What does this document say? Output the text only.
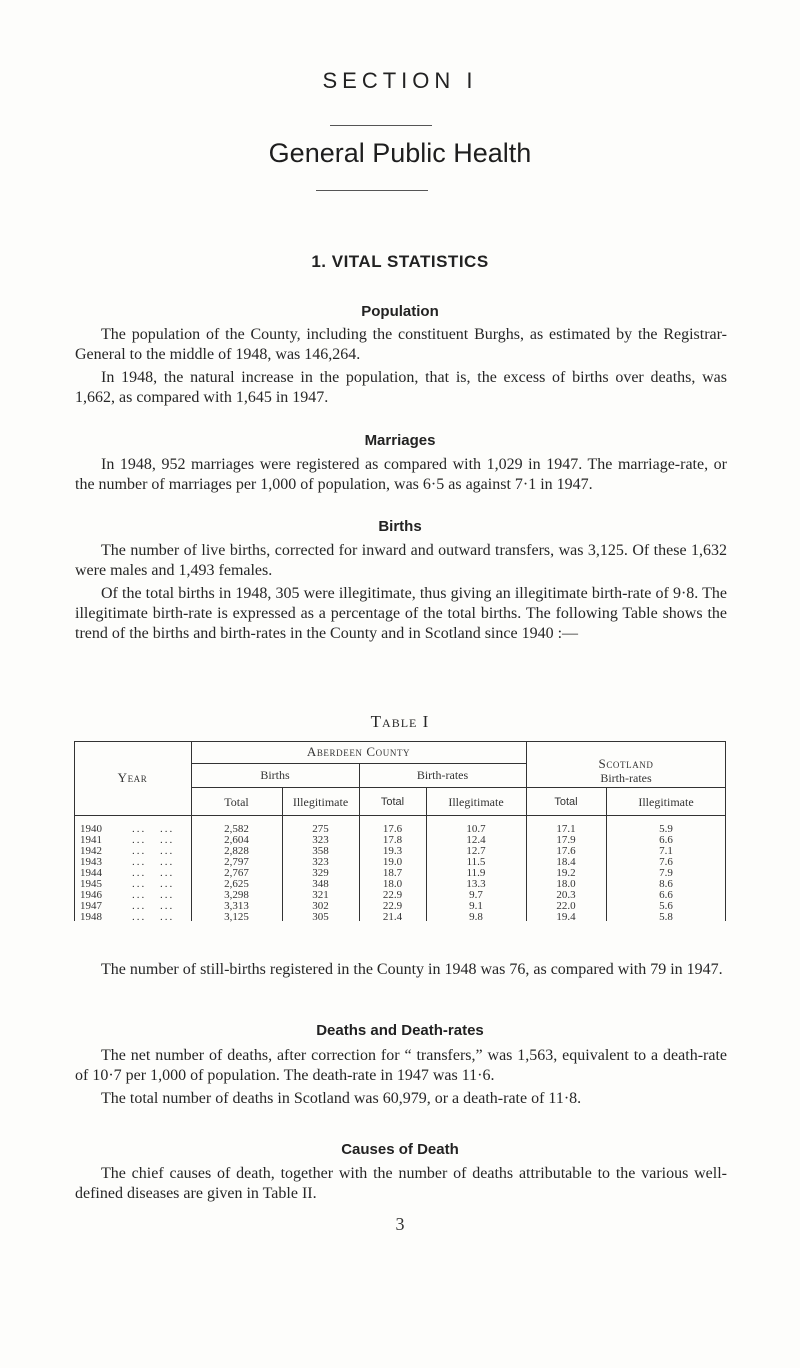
SECTION I
General Public Health
1. VITAL STATISTICS
Population
The population of the County, including the constituent Burghs, as estimated by the Registrar-General to the middle of 1948, was 146,264.
In 1948, the natural increase in the population, that is, the excess of births over deaths, was 1,662, as compared with 1,645 in 1947.
Marriages
In 1948, 952 marriages were registered as compared with 1,029 in 1947. The marriage-rate, or the number of marriages per 1,000 of population, was 6·5 as against 7·1 in 1947.
Births
The number of live births, corrected for inward and outward transfers, was 3,125. Of these 1,632 were males and 1,493 females.
Of the total births in 1948, 305 were illegitimate, thus giving an illegitimate birth-rate of 9·8. The illegitimate birth-rate is expressed as a percentage of the total births. The following Table shows the trend of the births and birth-rates in the County and in Scotland since 1940 :—
Table I
Year
Aberdeen County
Births	Birth-rates
Scotland
Birth-rates
Total	Illegitimate	Total	Illegitimate	Total	Illegitimate
1940	... ...	2,582	275	17.6	10.7	17.1	5.9
1941	... ...	2,604	323	17.8	12.4	17.9	6.6
1942	... ...	2,828	358	19.3	12.7	17.6	7.1
1943	... ...	2,797	323	19.0	11.5	18.4	7.6
1944	... ...	2,767	329	18.7	11.9	19.2	7.9
1945	... ...	2,625	348	18.0	13.3	18.0	8.6
1946	... ...	3,298	321	22.9	9.7	20.3	6.6
1947	... ...	3,313	302	22.9	9.1	22.0	5.6
1948	... ...	3,125	305	21.4	9.8	19.4	5.8
The number of still-births registered in the County in 1948 was 76, as compared with 79 in 1947.
Deaths and Death-rates
The net number of deaths, after correction for “ transfers,” was 1,563, equivalent to a death-rate of 10·7 per 1,000 of population. The death-rate in 1947 was 11·6.
The total number of deaths in Scotland was 60,979, or a death-rate of 11·8.
Causes of Death
The chief causes of death, together with the number of deaths attributable to the various well-defined diseases are given in Table II.
3
